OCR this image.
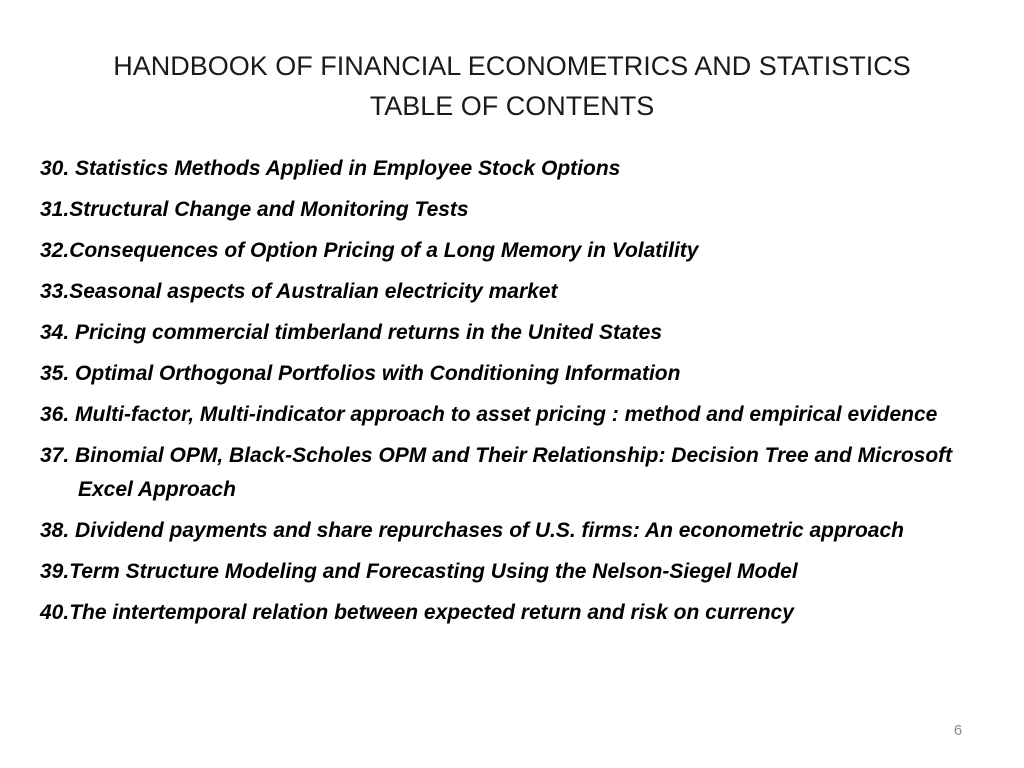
HANDBOOK OF FINANCIAL ECONOMETRICS AND STATISTICS
TABLE OF CONTENTS
30. Statistics Methods Applied in Employee Stock Options
31.Structural Change and Monitoring Tests
32.Consequences of Option Pricing of a Long Memory in Volatility
33.Seasonal aspects of Australian electricity market
34. Pricing commercial timberland returns in the United States
35. Optimal Orthogonal Portfolios with Conditioning Information
36. Multi-factor, Multi-indicator approach to asset pricing : method and empirical evidence
37. Binomial OPM, Black-Scholes OPM and Their Relationship: Decision Tree and Microsoft Excel Approach
38. Dividend payments and share repurchases of U.S. firms: An econometric approach
39.Term Structure Modeling and Forecasting Using the Nelson-Siegel Model
40.The intertemporal relation between expected return and risk on currency
6
